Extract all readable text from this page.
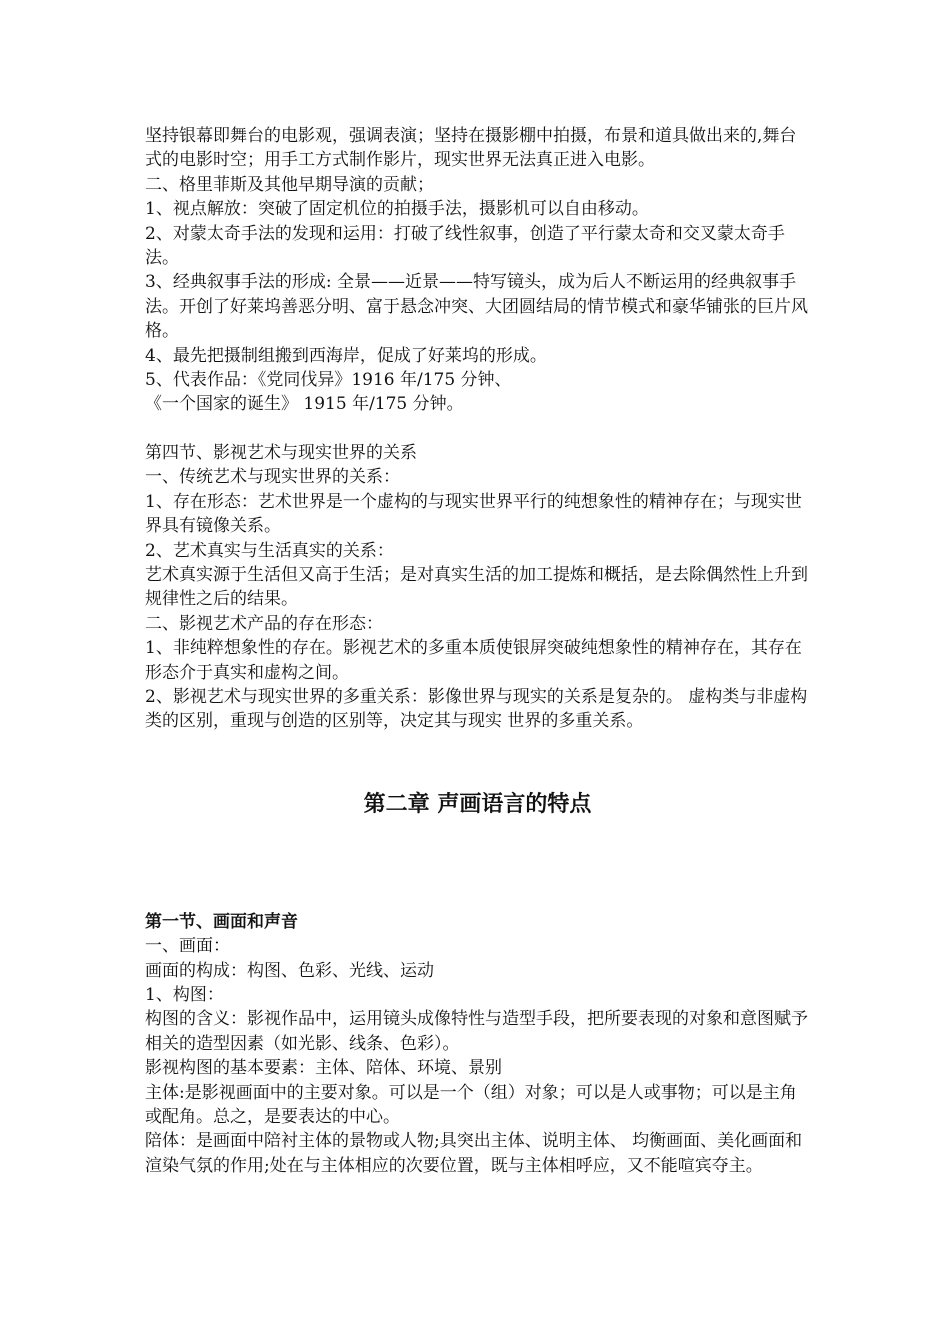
坚持银幕即舞台的电影观，强调表演；坚持在摄影棚中拍摄，布景和道具做出来的,舞台式的电影时空；用手工方式制作影片，现实世界无法真正进入电影。

二、格里菲斯及其他早期导演的贡献；

1、视点解放：突破了固定机位的拍摄手法，摄影机可以自由移动。

2、对蒙太奇手法的发现和运用：打破了线性叙事，创造了平行蒙太奇和交叉蒙太奇手法。

3、经典叙事手法的形成: 全景——近景——特写镜头，成为后人不断运用的经典叙事手法。开创了好莱坞善恶分明、富于悬念冲突、大团圆结局的情节模式和豪华铺张的巨片风格。

4、最先把摄制组搬到西海岸，促成了好莱坞的形成。

5、代表作品：《党同伐异》1916 年/175 分钟、

《一个国家的诞生》 1915 年/175 分钟。

第四节、影视艺术与现实世界的关系

一、传统艺术与现实世界的关系：

1、存在形态：艺术世界是一个虚构的与现实世界平行的纯想象性的精神存在；与现实世界具有镜像关系。

2、艺术真实与生活真实的关系：

艺术真实源于生活但又高于生活；是对真实生活的加工提炼和概括，是去除偶然性上升到规律性之后的结果。

二、影视艺术产品的存在形态：

1、非纯粹想象性的存在。影视艺术的多重本质使银屏突破纯想象性的精神存在，其存在形态介于真实和虚构之间。

2、影视艺术与现实世界的多重关系：影像世界与现实的关系是复杂的。 虚构类与非虚构类的区别，重现与创造的区别等，决定其与现实 世界的多重关系。

第二章 声画语言的特点

第一节、画面和声音

一、画面：

画面的构成：构图、色彩、光线、运动

1、构图：

构图的含义：影视作品中，运用镜头成像特性与造型手段，把所要表现的对象和意图赋予相关的造型因素（如光影、线条、色彩）。

影视构图的基本要素：主体、陪体、环境、景别

主体:是影视画面中的主要对象。可以是一个（组）对象；可以是人或事物；可以是主角或配角。总之，是要表达的中心。

陪体：是画面中陪衬主体的景物或人物;具突出主体、说明主体、 均衡画面、美化画面和渲染气氛的作用;处在与主体相应的次要位置，既与主体相呼应，又不能喧宾夺主。
